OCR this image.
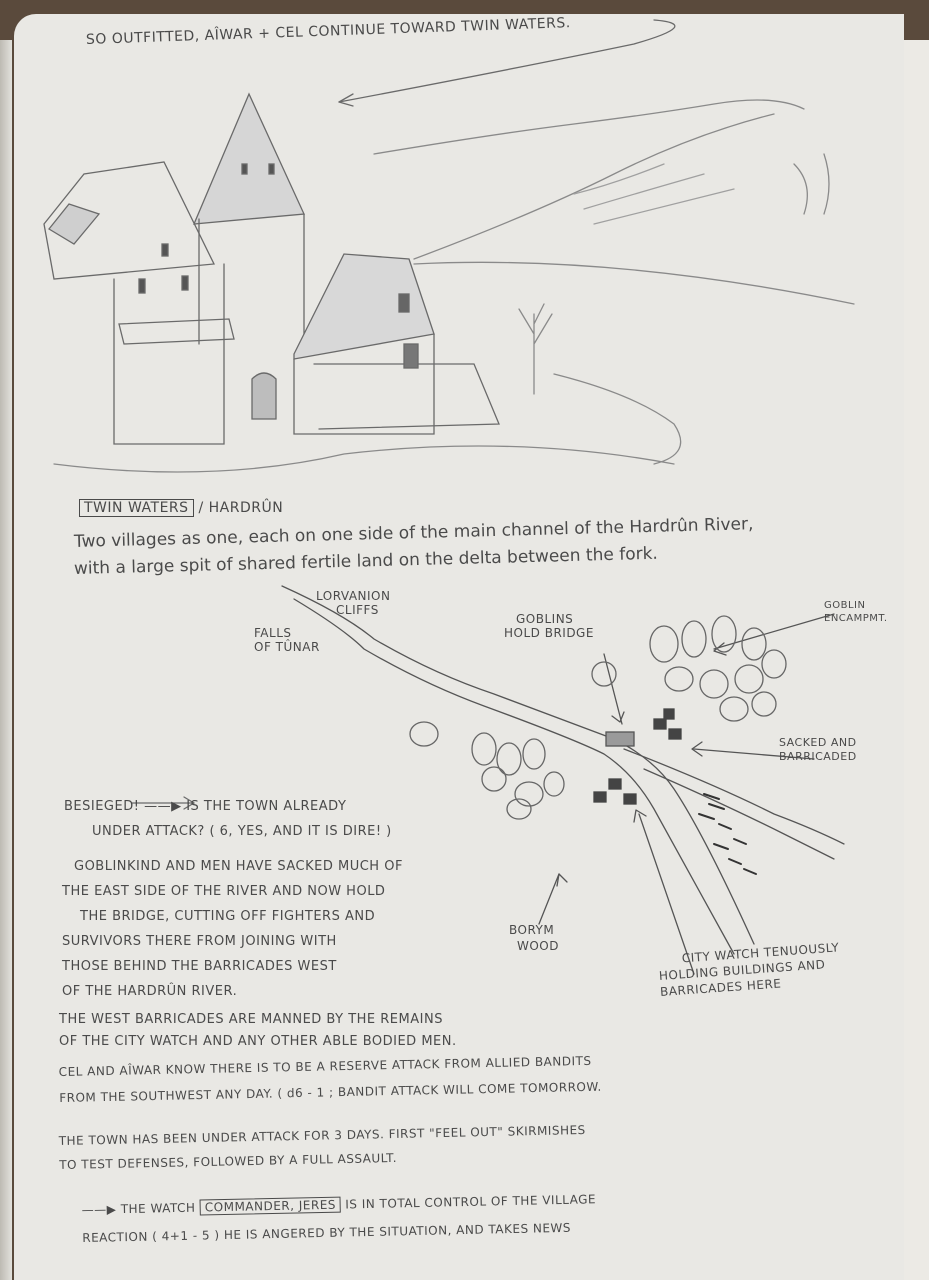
SO OUTFITTED, AÎWAR + CEL CONTINUE TOWARD TWIN WATERS.
TWIN WATERS / HARDRÛN
Two villages as one, each on one side of the main channel of the Hardrûn River,
with a large spit of shared fertile land on the delta between the fork.
LORVANION
CLIFFS
FALLS
OF TÛNAR
GOBLINS
HOLD BRIDGE
GOBLIN
ENCAMPMT.
SACKED AND
BARRICADED
BORYM
WOOD	CITY WATCH TENUOUSLY
HOLDING BUILDINGS AND
BARRICADES HERE
BESIEGED! ——▶ IS THE TOWN ALREADY
UNDER ATTACK? ( 6, YES, AND IT IS DIRE! )
GOBLINKIND AND MEN HAVE SACKED MUCH OF
THE EAST SIDE OF THE RIVER AND NOW HOLD
THE BRIDGE, CUTTING OFF FIGHTERS AND
SURVIVORS THERE FROM JOINING WITH
THOSE BEHIND THE BARRICADES WEST
OF THE HARDRÛN RIVER.
THE WEST BARRICADES ARE MANNED BY THE REMAINS
OF THE CITY WATCH AND ANY OTHER ABLE BODIED MEN.
CEL AND AÎWAR KNOW THERE IS TO BE A RESERVE ATTACK FROM ALLIED BANDITS
FROM THE SOUTHWEST ANY DAY. ( d6 - 1 ; BANDIT ATTACK WILL COME TOMORROW.
THE TOWN HAS BEEN UNDER ATTACK FOR 3 DAYS. FIRST "FEEL OUT" SKIRMISHES
TO TEST DEFENSES, FOLLOWED BY A FULL ASSAULT.
——▶ THE WATCH COMMANDER, JERES IS IN TOTAL CONTROL OF THE VILLAGE
REACTION ( 4+1 - 5 ) HE IS ANGERED BY THE SITUATION, AND TAKES NEWS
